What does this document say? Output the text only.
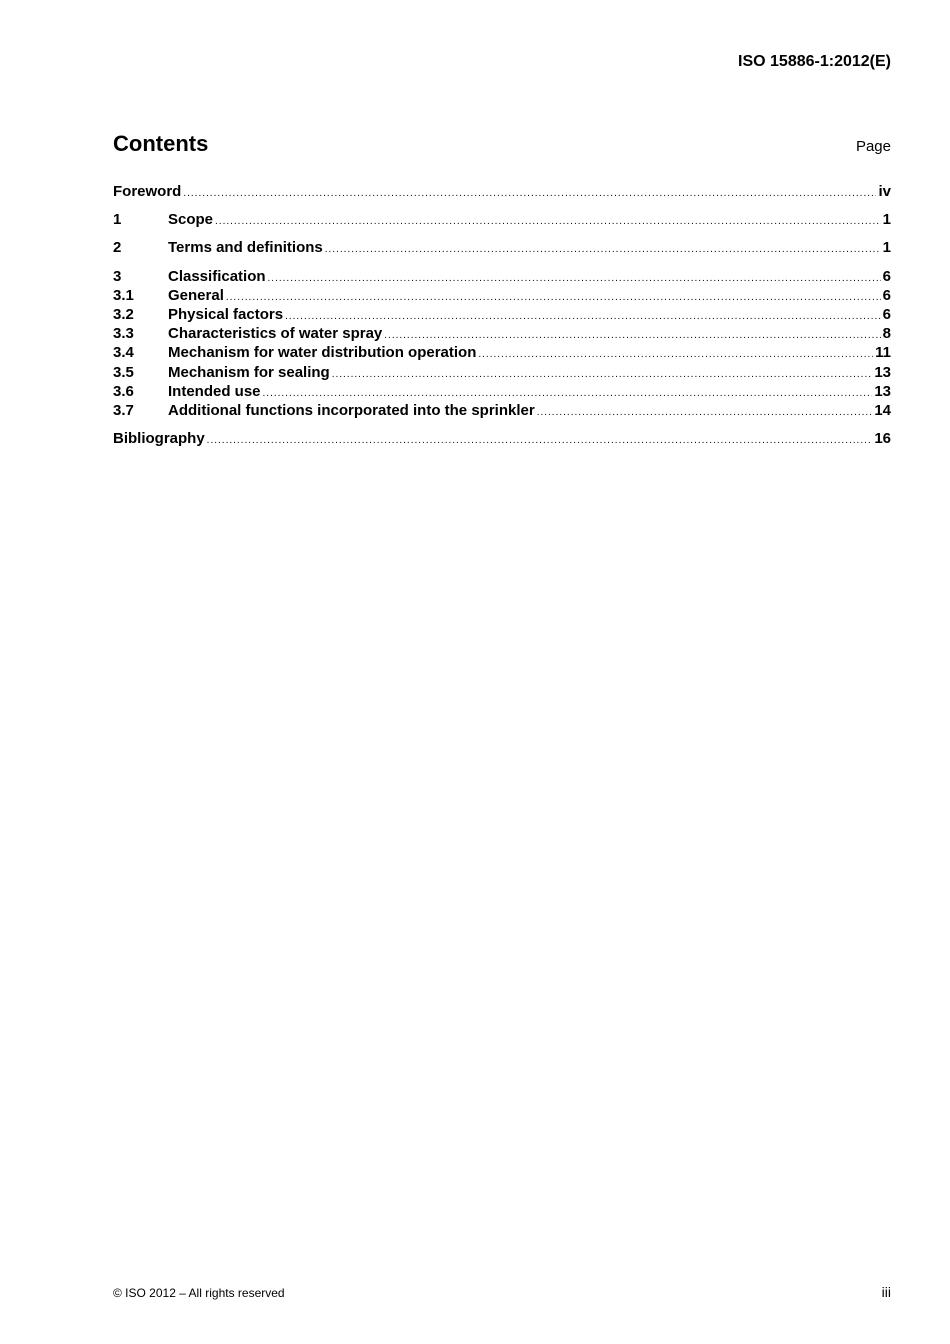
ISO 15886-1:2012(E)
Contents	Page
Foreword .....	iv
1	Scope .....	1
2	Terms and definitions .....	1
3	Classification .....	6
3.1	General .....	6
3.2	Physical factors .....	6
3.3	Characteristics of water spray .....	8
3.4	Mechanism for water distribution operation .....	11
3.5	Mechanism for sealing .....	13
3.6	Intended use .....	13
3.7	Additional functions incorporated into the sprinkler .....	14
Bibliography .....	16
© ISO 2012 – All rights reserved	iii
